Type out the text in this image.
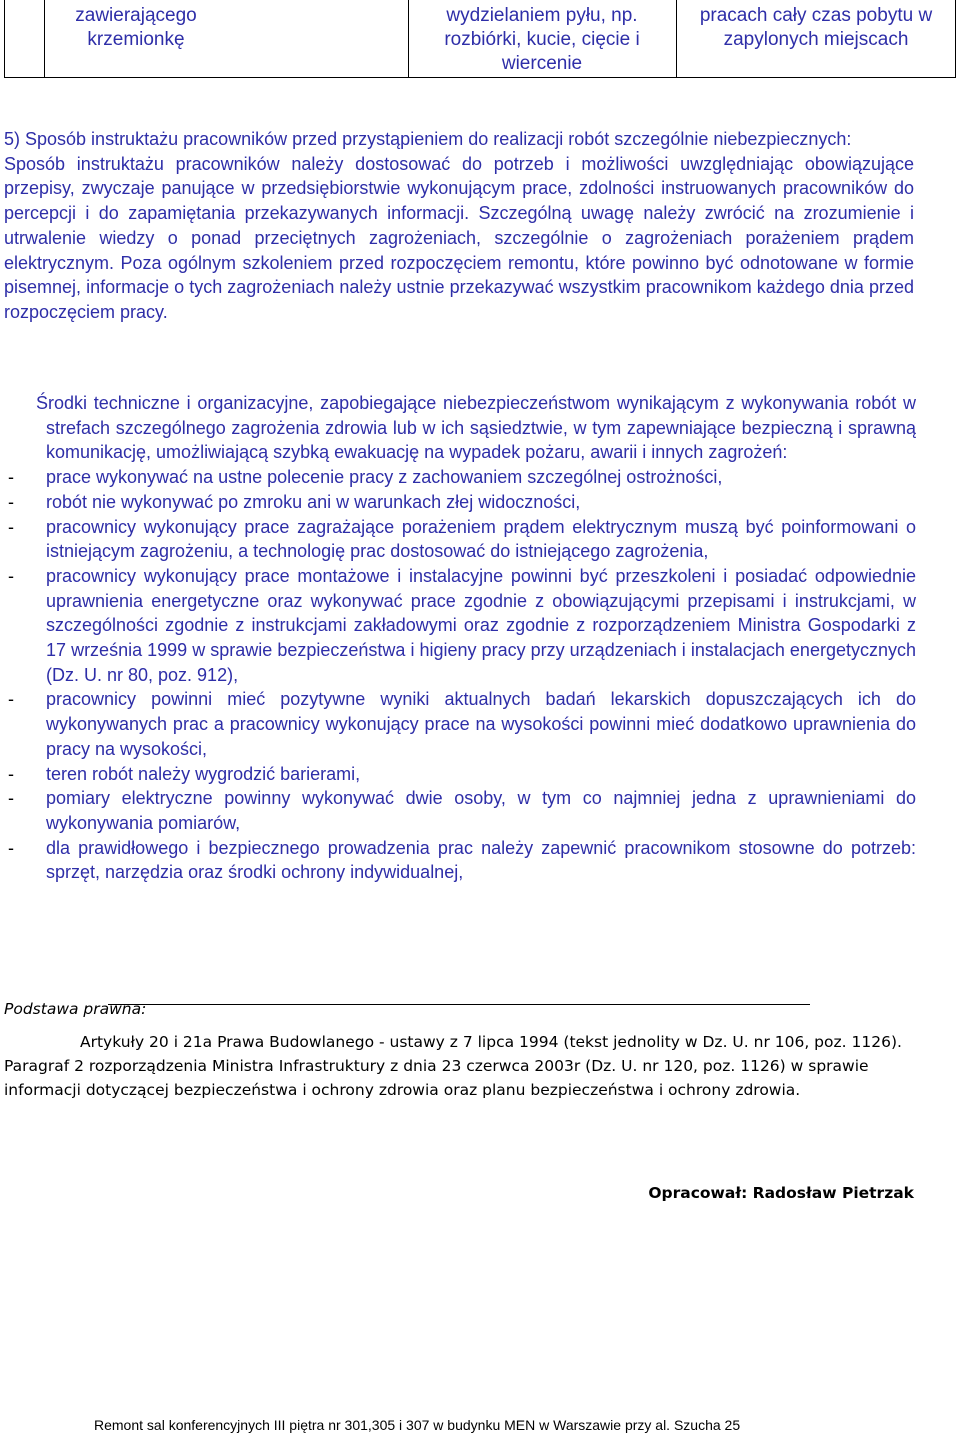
zawierającego
krzemionkę
wydzielaniem pyłu, np.
rozbiórki, kucie, cięcie i
wiercenie
pracach cały czas pobytu w
zapylonych miejscach
5) Sposób instruktażu pracowników przed przystąpieniem do realizacji robót szczególnie niebezpiecznych:
Sposób instruktażu pracowników należy dostosować do potrzeb i możliwości uwzględniając obowiązujące przepisy, zwyczaje panujące w przedsiębiorstwie wykonującym prace, zdolności instruowanych pracowników do percepcji i do zapamiętania przekazywanych informacji. Szczególną uwagę należy zwrócić na zrozumienie i utrwalenie wiedzy o ponad przeciętnych zagrożeniach, szczególnie o zagrożeniach porażeniem prądem elektrycznym. Poza ogólnym szkoleniem przed rozpoczęciem remontu, które powinno być odnotowane w formie pisemnej, informacje o tych zagrożeniach należy ustnie przekazywać wszystkim pracownikom każdego dnia przed rozpoczęciem pracy.
Środki techniczne i organizacyjne, zapobiegające niebezpieczeństwom wynikającym z wykonywania robót w strefach szczególnego zagrożenia zdrowia lub w ich sąsiedztwie, w tym zapewniające bezpieczną i sprawną komunikację, umożliwiającą szybką ewakuację na wypadek pożaru, awarii i innych zagrożeń:
- prace wykonywać na ustne polecenie pracy z zachowaniem szczególnej ostrożności,
- robót nie wykonywać po zmroku ani w warunkach złej widoczności,
- pracownicy wykonujący prace zagrażające porażeniem prądem elektrycznym muszą być poinformowani o istniejącym zagrożeniu, a technologię prac dostosować do istniejącego zagrożenia,
- pracownicy wykonujący prace montażowe i instalacyjne powinni być przeszkoleni i posiadać odpowiednie uprawnienia energetyczne oraz wykonywać prace zgodnie z obowiązującymi przepisami i instrukcjami, w szczególności zgodnie z instrukcjami zakładowymi oraz zgodnie z rozporządzeniem Ministra Gospodarki z 17 września 1999 w sprawie bezpieczeństwa i higieny pracy przy urządzeniach i instalacjach energetycznych (Dz. U. nr 80, poz. 912),
- pracownicy powinni mieć pozytywne wyniki aktualnych badań lekarskich dopuszczających ich do wykonywanych prac a pracownicy wykonujący prace na wysokości powinni mieć dodatkowo uprawnienia do pracy na wysokości,
- teren robót należy wygrodzić barierami,
- pomiary elektryczne powinny wykonywać dwie osoby, w tym co najmniej jedna z uprawnieniami do wykonywania pomiarów,
- dla prawidłowego i bezpiecznego prowadzenia prac należy zapewnić pracownikom stosowne do potrzeb: sprzęt, narzędzia oraz środki ochrony indywidualnej,
Podstawa prawna:
Artykuły 20 i 21a Prawa Budowlanego - ustawy z 7 lipca 1994 (tekst jednolity w Dz. U. nr 106, poz. 1126).
Paragraf 2 rozporządzenia Ministra Infrastruktury z dnia 23 czerwca 2003r (Dz. U. nr 120, poz. 1126) w sprawie informacji dotyczącej bezpieczeństwa i ochrony zdrowia oraz planu bezpieczeństwa i ochrony zdrowia.
Opracował: Radosław Pietrzak
Remont sal konferencyjnych III piętra nr 301,305 i 307 w budynku MEN w Warszawie przy al. Szucha 25
